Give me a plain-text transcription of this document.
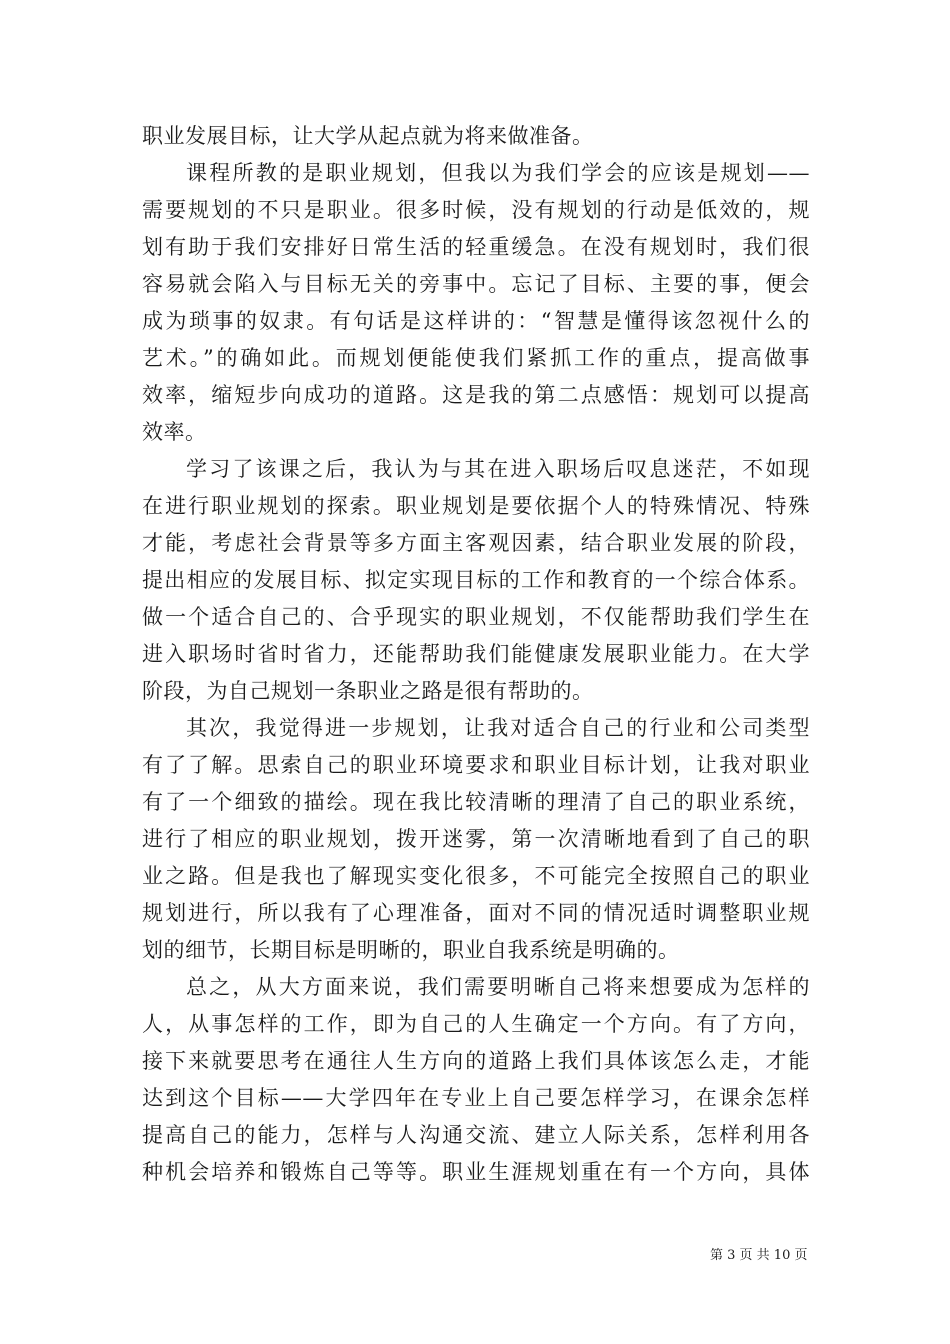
职业发展目标，让大学从起点就为将来做准备。
课程所教的是职业规划，但我以为我们学会的应该是规划——
需要规划的不只是职业。很多时候，没有规划的行动是低效的，规
划有助于我们安排好日常生活的轻重缓急。在没有规划时，我们很
容易就会陷入与目标无关的旁事中。忘记了目标、主要的事，便会
成为琐事的奴隶。有句话是这样讲的：“智慧是懂得该忽视什么的
艺术。”的确如此。而规划便能使我们紧抓工作的重点，提高做事
效率，缩短步向成功的道路。这是我的第二点感悟：规划可以提高
效率。
学习了该课之后，我认为与其在进入职场后叹息迷茫，不如现
在进行职业规划的探索。职业规划是要依据个人的特殊情况、特殊
才能，考虑社会背景等多方面主客观因素，结合职业发展的阶段，
提出相应的发展目标、拟定实现目标的工作和教育的一个综合体系。
做一个适合自己的、合乎现实的职业规划，不仅能帮助我们学生在
进入职场时省时省力，还能帮助我们能健康发展职业能力。在大学
阶段，为自己规划一条职业之路是很有帮助的。
其次，我觉得进一步规划，让我对适合自己的行业和公司类型
有了了解。思索自己的职业环境要求和职业目标计划，让我对职业
有了一个细致的描绘。现在我比较清晰的理清了自己的职业系统，
进行了相应的职业规划，拨开迷雾，第一次清晰地看到了自己的职
业之路。但是我也了解现实变化很多，不可能完全按照自己的职业
规划进行，所以我有了心理准备，面对不同的情况适时调整职业规
划的细节，长期目标是明晰的，职业自我系统是明确的。
总之，从大方面来说，我们需要明晰自己将来想要成为怎样的
人，从事怎样的工作，即为自己的人生确定一个方向。有了方向，
接下来就要思考在通往人生方向的道路上我们具体该怎么走，才能
达到这个目标——大学四年在专业上自己要怎样学习，在课余怎样
提高自己的能力，怎样与人沟通交流、建立人际关系，怎样利用各
种机会培养和锻炼自己等等。职业生涯规划重在有一个方向，具体
第 3 页 共 10 页
